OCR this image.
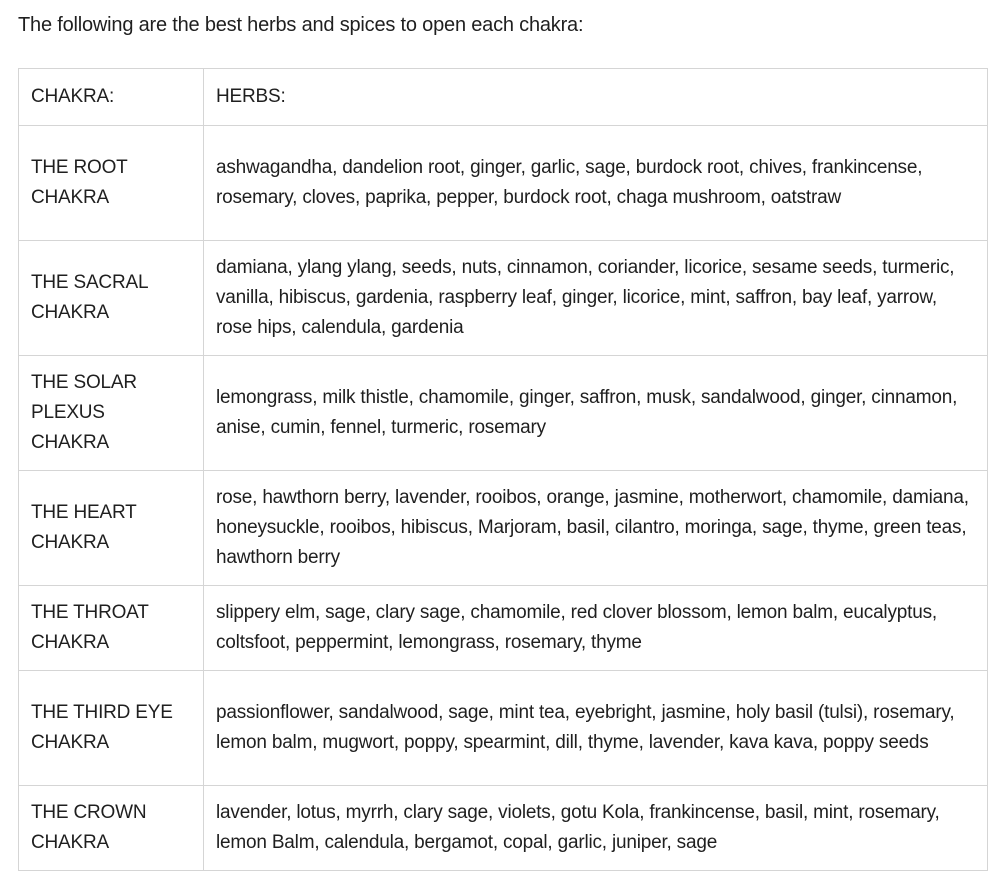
The following are the best herbs and spices to open each chakra:

CHAKRA:	HERBS:
THE ROOT
CHAKRA	ashwagandha, dandelion root, ginger, garlic, sage, burdock root, chives, frankincense, rosemary, cloves, paprika, pepper, burdock root, chaga mushroom, oatstraw
THE SACRAL
CHAKRA	damiana, ylang ylang, seeds, nuts, cinnamon, coriander, licorice, sesame seeds, turmeric, vanilla, hibiscus, gardenia, raspberry leaf, ginger, licorice, mint, saffron, bay leaf, yarrow, rose hips, calendula, gardenia
THE SOLAR
PLEXUS
CHAKRA	lemongrass, milk thistle, chamomile, ginger, saffron, musk, sandalwood, ginger, cinnamon, anise, cumin, fennel, turmeric, rosemary
THE HEART
CHAKRA	rose, hawthorn berry, lavender, rooibos, orange, jasmine, motherwort, chamomile, damiana, honeysuckle, rooibos, hibiscus, Marjoram, basil, cilantro, moringa, sage, thyme, green teas, hawthorn berry
THE THROAT
CHAKRA	slippery elm, sage, clary sage, chamomile, red clover blossom, lemon balm, eucalyptus, coltsfoot, peppermint, lemongrass, rosemary, thyme
THE THIRD EYE
CHAKRA	passionflower, sandalwood, sage, mint tea, eyebright, jasmine, holy basil (tulsi), rosemary, lemon balm, mugwort, poppy, spearmint, dill, thyme, lavender, kava kava, poppy seeds
THE CROWN
CHAKRA	lavender, lotus, myrrh, clary sage, violets, gotu Kola, frankincense, basil, mint, rosemary, lemon Balm, calendula, bergamot, copal, garlic, juniper, sage
